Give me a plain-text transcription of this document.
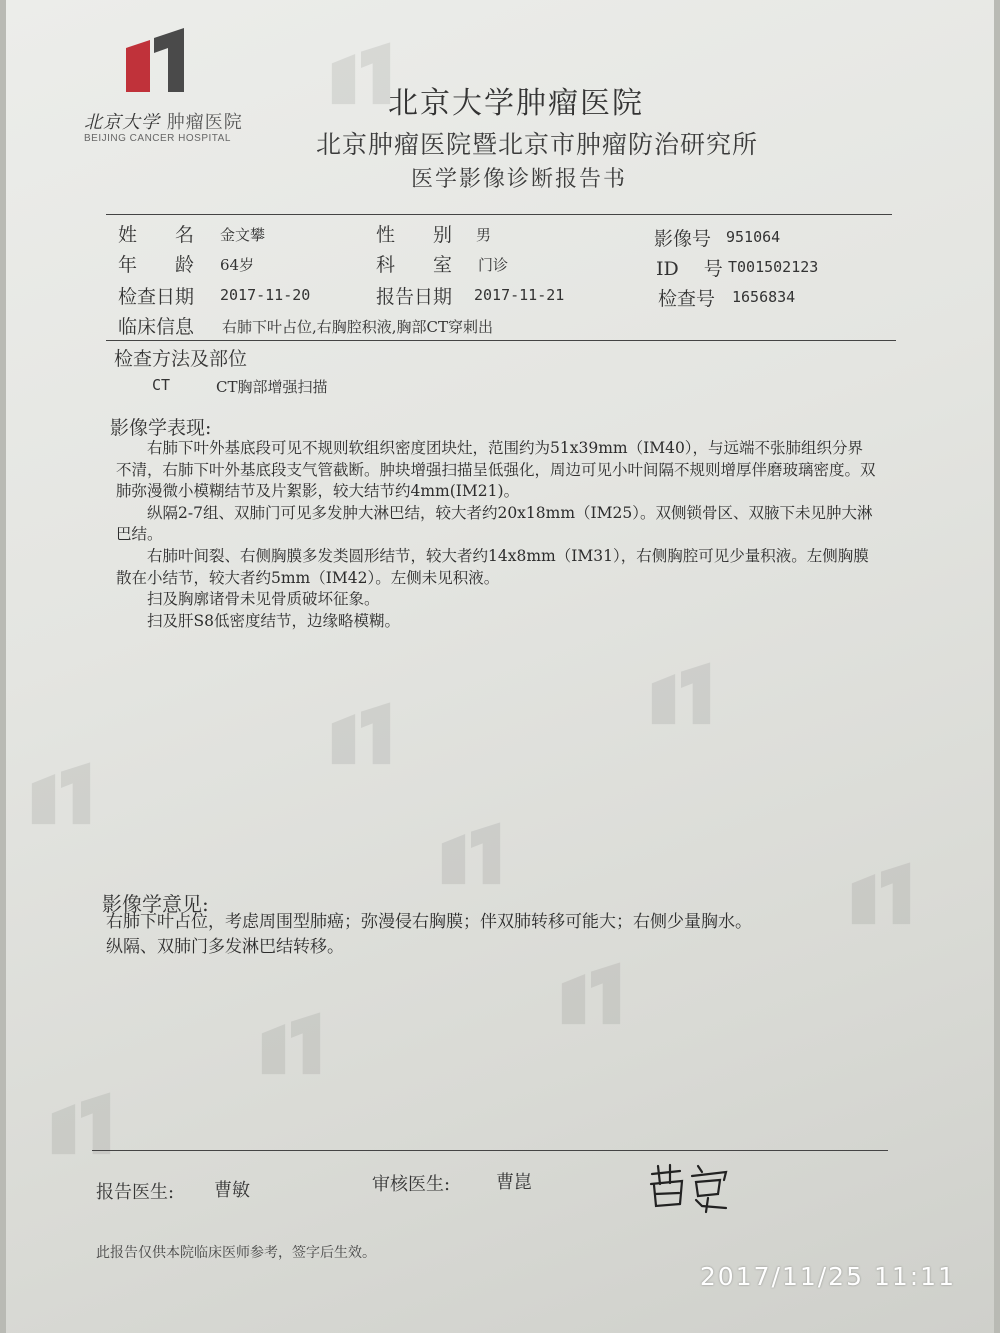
北京大学 肿瘤医院
BEIJING CANCER HOSPITAL
北京大学肿瘤医院
北京肿瘤医院暨北京市肿瘤防治研究所
医学影像诊断报告书
姓　　名 金文攀	性　　别 男	影像号 951064
年　　龄 64岁	科　　室 门诊	ID　 号 T001502123
检查日期 2017-11-20	报告日期 2017-11-21	检查号 1656834
临床信息 右肺下叶占位,右胸腔积液,胸部CT穿刺出
检查方法及部位
CT	CT胸部增强扫描
影像学表现:

右肺下叶外基底段可见不规则软组织密度团块灶，范围约为51x39mm（IM40），与远端不张肺组织分界不清，右肺下叶外基底段支气管截断。肿块增强扫描呈低强化，周边可见小叶间隔不规则增厚伴磨玻璃密度。双肺弥漫微小模糊结节及片絮影，较大结节约4mm(IM21)。

纵隔2-7组、双肺门可见多发肿大淋巴结，较大者约20x18mm（IM25）。双侧锁骨区、双腋下未见肿大淋巴结。

右肺叶间裂、右侧胸膜多发类圆形结节，较大者约14x8mm（IM31），右侧胸腔可见少量积液。左侧胸膜散在小结节，较大者约5mm（IM42）。左侧未见积液。

扫及胸廓诸骨未见骨质破坏征象。

扫及肝S8低密度结节，边缘略模糊。

影像学意见:

右肺下叶占位，考虑周围型肺癌；弥漫侵右胸膜；伴双肺转移可能大；右侧少量胸水。

纵隔、双肺门多发淋巴结转移。

报告医生: 曹敏	审核医生:	曹崑
此报告仅供本院临床医师参考，签字后生效。
2017/11/25 11:11
